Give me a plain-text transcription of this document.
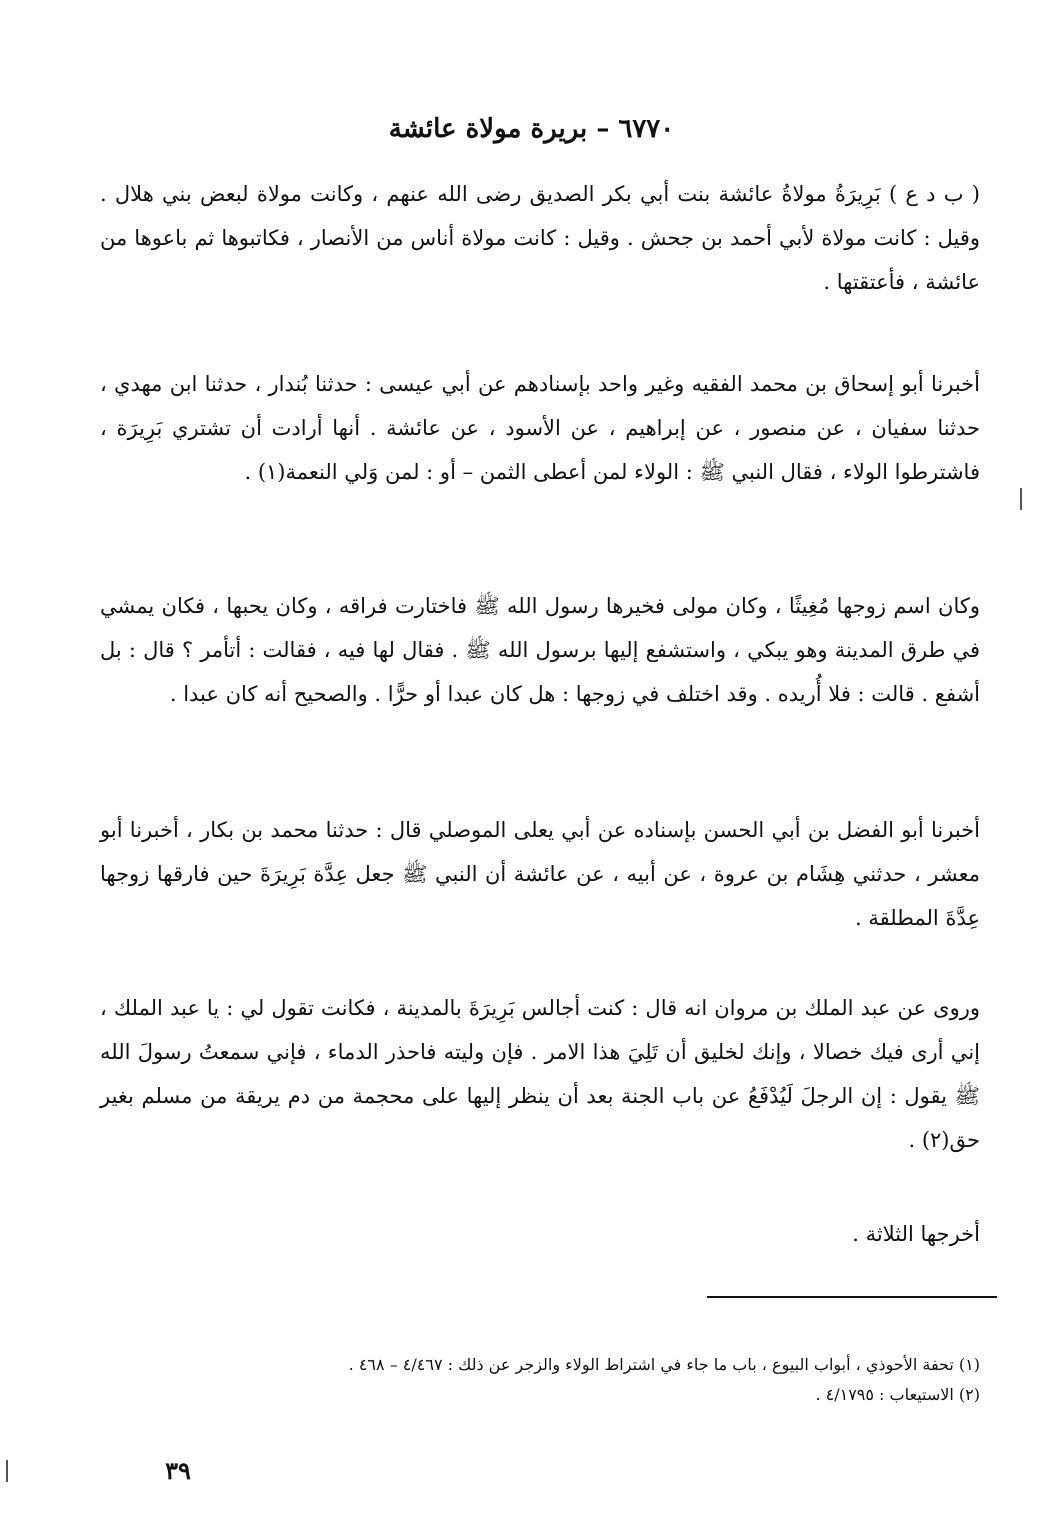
٦٧٧٠ – بريرة مولاة عائشة

( ب د ع ) بَرِيرَةُ مولاةُ عائشة بنت أبي بكر الصديق رضى الله عنهم ، وكانت مولاة لبعض بني هلال . وقيل : كانت مولاة لأبي أحمد بن جحش . وقيل : كانت مولاة أناس من الأنصار ، فكاتبوها ثم باعوها من عائشة ، فأعتقتها .

أخبرنا أبو إسحاق بن محمد الفقيه وغير واحد بإسنادهم عن أبي عيسى : حدثنا بُندار ، حدثنا ابن مهدي ، حدثنا سفيان ، عن منصور ، عن إبراهيم ، عن الأسود ، عن عائشة . أنها أرادت أن تشتري بَرِيرَة ، فاشترطوا الولاء ، فقال النبي ﷺ : الولاء لمن أعطى الثمن – أو : لمن وَلي النعمة(١) .

وكان اسم زوجها مُغِيثًا ، وكان مولى فخيرها رسول الله ﷺ فاختارت فراقه ، وكان يحبها ، فكان يمشي في طرق المدينة وهو يبكي ، واستشفع إليها برسول الله ﷺ . فقال لها فيه ، فقالت : أتأمر ؟ قال : بل أشفع . قالت : فلا أُريده . وقد اختلف في زوجها : هل كان عبدا أو حرًّا . والصحيح أنه كان عبدا .

أخبرنا أبو الفضل بن أبي الحسن بإسناده عن أبي يعلى الموصلي قال : حدثنا محمد بن بكار ، أخبرنا أبو معشر ، حدثني هِشَام بن عروة ، عن أبيه ، عن عائشة أن النبي ﷺ جعل عِدَّة بَرِيرَةَ حين فارقها زوجها عِدَّةَ المطلقة .

وروى عن عبد الملك بن مروان انه قال : كنت أجالس بَرِيرَةَ بالمدينة ، فكانت تقول لي : يا عبد الملك ، إني أرى فيك خصالا ، وإنك لخليق أن تَلِيَ هذا الامر . فإن وليته فاحذر الدماء ، فإني سمعتُ رسولَ الله ﷺ يقول : إن الرجلَ لَيُدْفَعُ عن باب الجنة بعد أن ينظر إليها على محجمة من دم يريقة من مسلم بغير حق(٢) .

أخرجها الثلاثة .

(١) تحفة الأحوذي ، أبواب البيوع ، باب ما جاء في اشتراط الولاء والزجر عن ذلك : ٤/٤٦٧ – ٤٦٨ .

(٢) الاستيعاب : ٤/١٧٩٥ .

٣٩
